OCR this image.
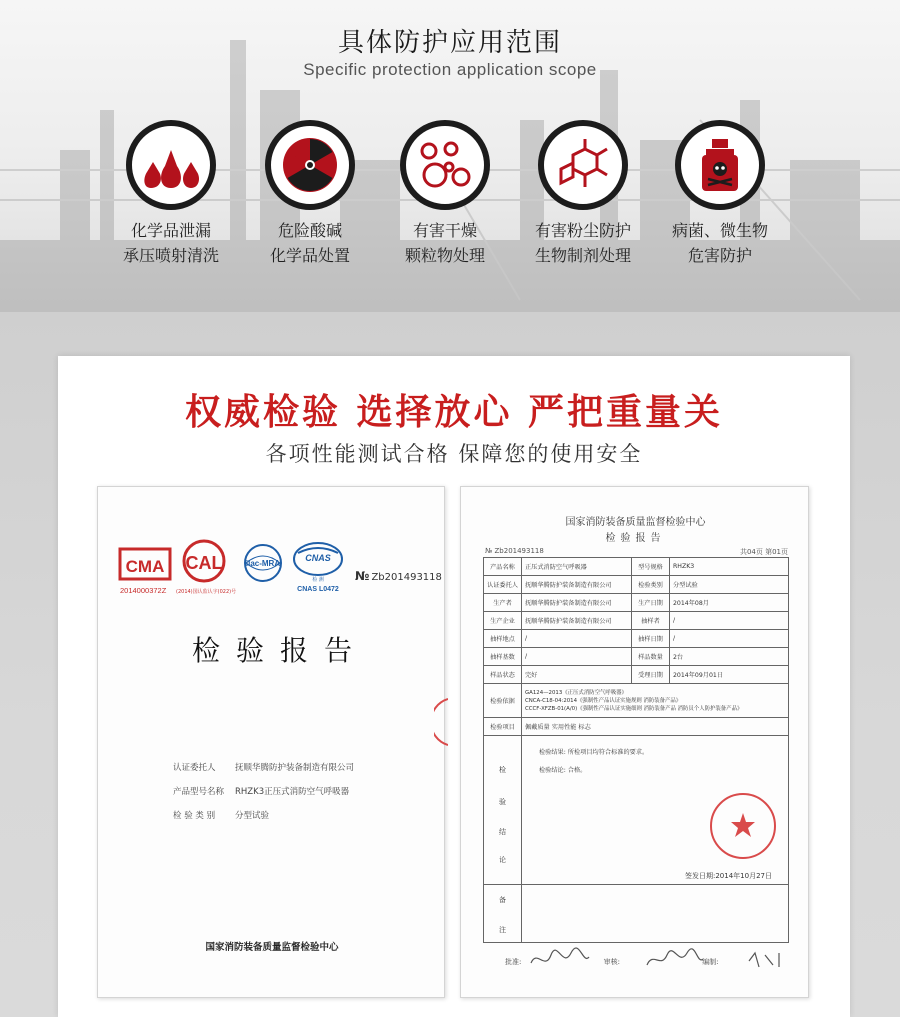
具体防护应用范围
Specific protection application scope
化学品泄漏
承压喷射清洗
危险酸碱
化学品处置
有害干燥
颗粒物处理
有害粉尘防护
生物制剂处理
病菌、微生物
危害防护
权威检验 选择放心 严把重量关
各项性能测试合格 保障您的使用安全
CMA
2014000372Z
CAL
(2014)国认监认字(022)号
ilac-MRA
CNAS
检 测
CNAS L0472
№ Zb201493118
检验报告
认证委托人 抚顺华腾防护装备制造有限公司
产品型号名称 RHZK3正压式消防空气呼吸器
检 验 类 别 分型试验
国家消防装备质量监督检验中心
国家消防装备质量监督检验中心
检验报告
№ Zb201493118	共04页 第01页
产品名称	正压式消防空气呼吸器	型号规格	RHZK3
认证委托人	抚顺华腾防护装备制造有限公司	检验类别	分型试验
生产者	抚顺华腾防护装备制造有限公司	生产日期	2014年08月
生产企业	抚顺华腾防护装备制造有限公司	抽样者	/
抽样地点	/	抽样日期	/
抽样基数	/	样品数量	2台
样品状态	完好	受理日期	2014年09月01日
检验依据	GA124—2013《正压式消防空气呼吸器》
CNCA-C18-04:2014《强制性产品认证实施规则 消防装备产品》
CCCF-XFZB-01(A/0)《强制性产品认证实施细则 消防装备产品 消防员个人防护装备产品》		

检验项目	佩戴质量 实用性能 标志		
检
验
结
论
检验结果: 所检项目均符合标准的要求。
检验结论: 合格。
签发日期:2014年10月27日
备
注
批准:	审核:	编制:
